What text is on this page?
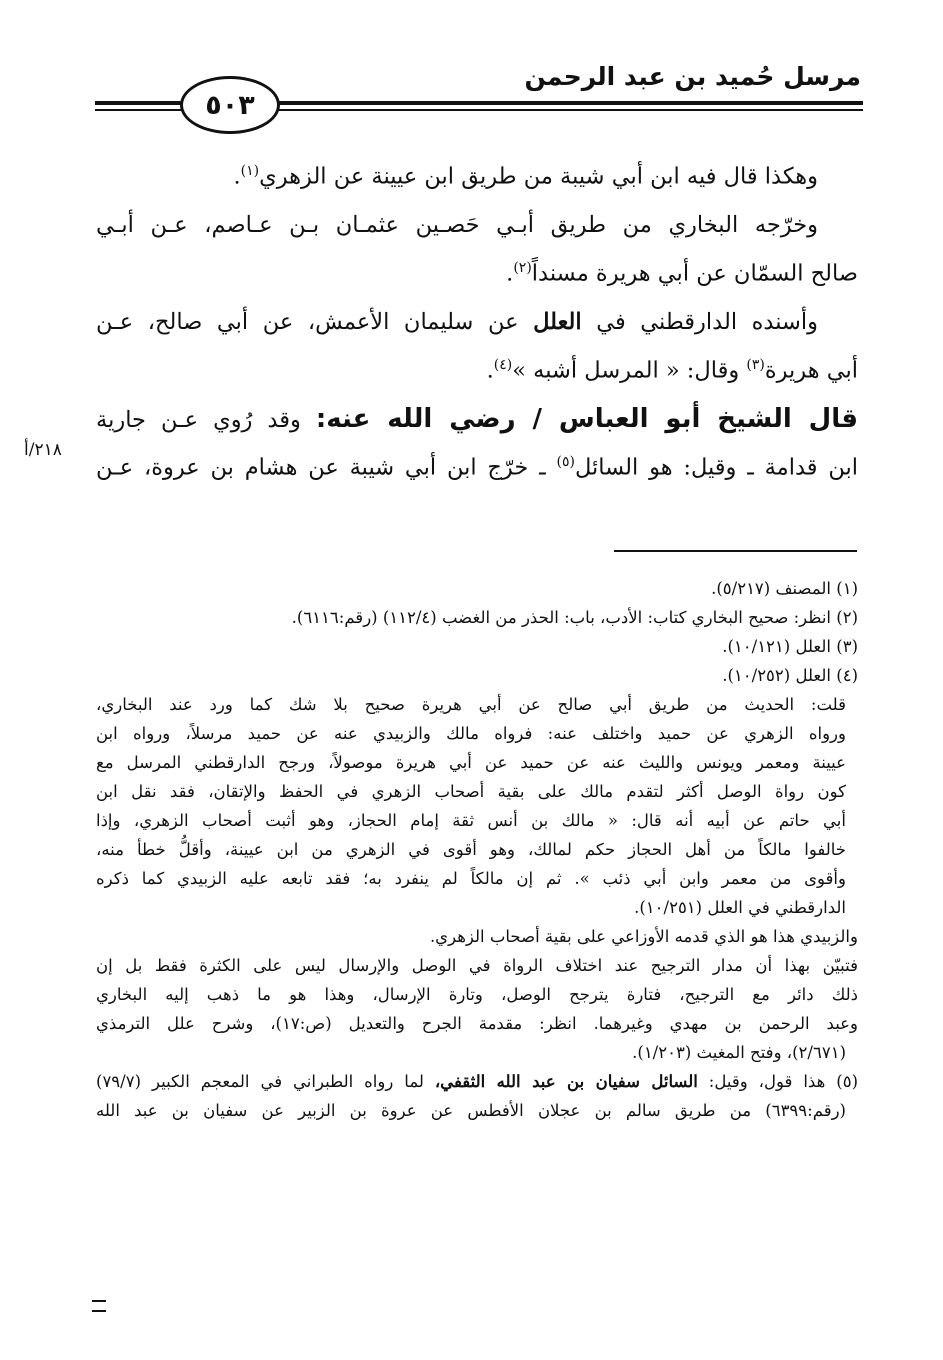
مرسل حُميد بن عبد الرحمن
٥٠٣
٢١٨/أ
وهكذا قال فيه ابن أبي شيبة من طريق ابن عيينة عن الزهري$^{(١)}$.
وخرّجه البخاري من طريق أبـي حَصـين عثمـان بـن عـاصم، عـن أبـي
صالح السمّان عن أبي هريرة مسنداً$^{(٢)}$.
وأسنده الدارقطني في العلل عن سليمان الأعمش، عن أبي صالح، عـن
أبي هريرة$^{(٣)}$ وقال: « المرسل أشبه »$^{(٤)}$.
قال الشيخ أبو العباس / رضي الله عنه: وقد رُوي عـن جارية
ابن قدامة ـ وقيل: هو السائل$^{(٥)}$ ـ خرّج ابن أبي شيبة عن هشام بن عروة، عـن
(١) المصنف (٥/٢١٧).
(٢) انظر: صحيح البخاري كتاب: الأدب، باب: الحذر من الغضب (١١٢/٤) (رقم:٦١١٦).
(٣) العلل (١٠/١٢١).
(٤) العلل (١٠/٢٥٢).
قلت: الحديث من طريق أبي صالح عن أبي هريرة صحيح بلا شك كما ورد عند البخاري،
ورواه الزهري عن حميد واختلف عنه: فرواه مالك والزبيدي عنه عن حميد مرسلاً، ورواه ابن
عيينة ومعمر ويونس والليث عنه عن حميد عن أبي هريرة موصولاً، ورجح الدارقطني المرسل مع
كون رواة الوصل أكثر لتقدم مالك على بقية أصحاب الزهري في الحفظ والإتقان، فقد نقل ابن
أبي حاتم عن أبيه أنه قال: « مالك بن أنس ثقة إمام الحجاز، وهو أثبت أصحاب الزهري، وإذا
خالفوا مالكاً من أهل الحجاز حكم لمالك، وهو أقوى في الزهري من ابن عيينة، وأقلُّ خطأ منه،
وأقوى من معمر وابن أبي ذئب ». ثم إن مالكاً لم ينفرد به؛ فقد تابعه عليه الزبيدي كما ذكره
الدارقطني في العلل (١٠/٢٥١).
والزبيدي هذا هو الذي قدمه الأوزاعي على بقية أصحاب الزهري.
فتبيّن بهذا أن مدار الترجيح عند اختلاف الرواة في الوصل والإرسال ليس على الكثرة فقط بل إن
ذلك دائر مع الترجيح، فتارة يترجح الوصل، وتارة الإرسال، وهذا هو ما ذهب إليه البخاري
وعبد الرحمن بن مهدي وغيرهما. انظر: مقدمة الجرح والتعديل (ص:١٧)، وشرح علل الترمذي
(٢/٦٧١)، وفتح المغيث (١/٢٠٣).
(٥) هذا قول، وقيل: السائل سفيان بن عبد الله الثقفي، لما رواه الطبراني في المعجم الكبير (٧٩/٧)
(رقم:٦٣٩٩) من طريق سالم بن عجلان الأفطس عن عروة بن الزبير عن سفيان بن عبد الله
